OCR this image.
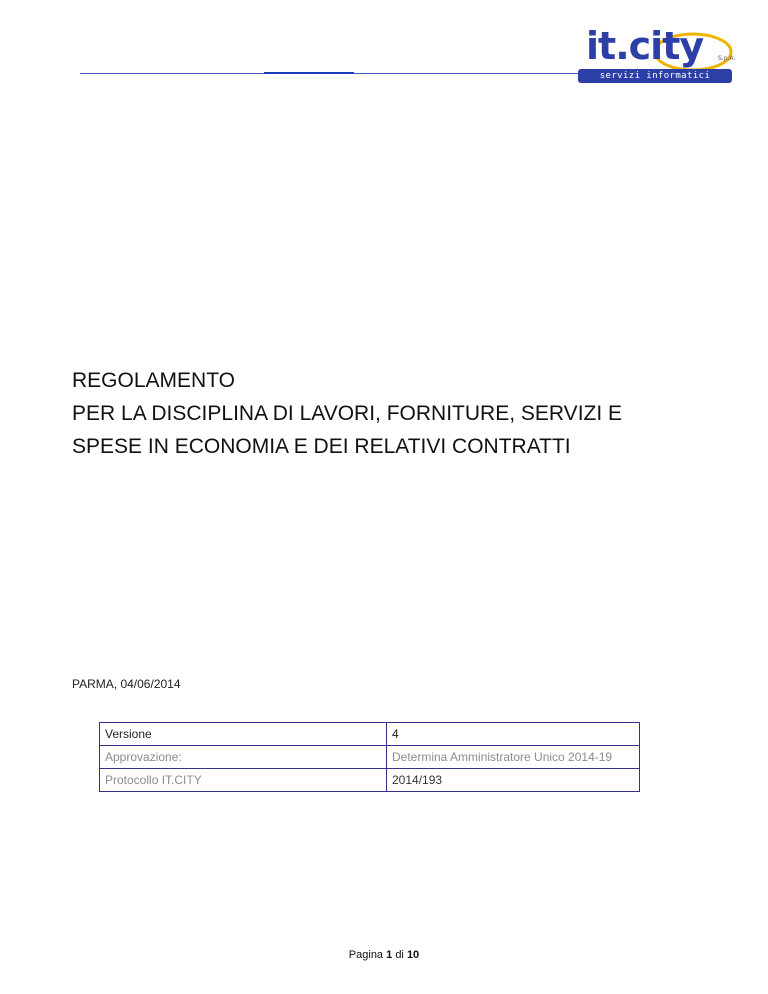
it.city S.p.A.
servizi informatici aziendali
REGOLAMENTO
PER LA DISCIPLINA DI LAVORI, FORNITURE, SERVIZI E
SPESE IN ECONOMIA E DEI RELATIVI CONTRATTI
PARMA, 04/06/2014
Versione	4
Approvazione:	Determina Amministratore Unico 2014-19
Protocollo IT.CITY	2014/193
Pagina 1 di 10
